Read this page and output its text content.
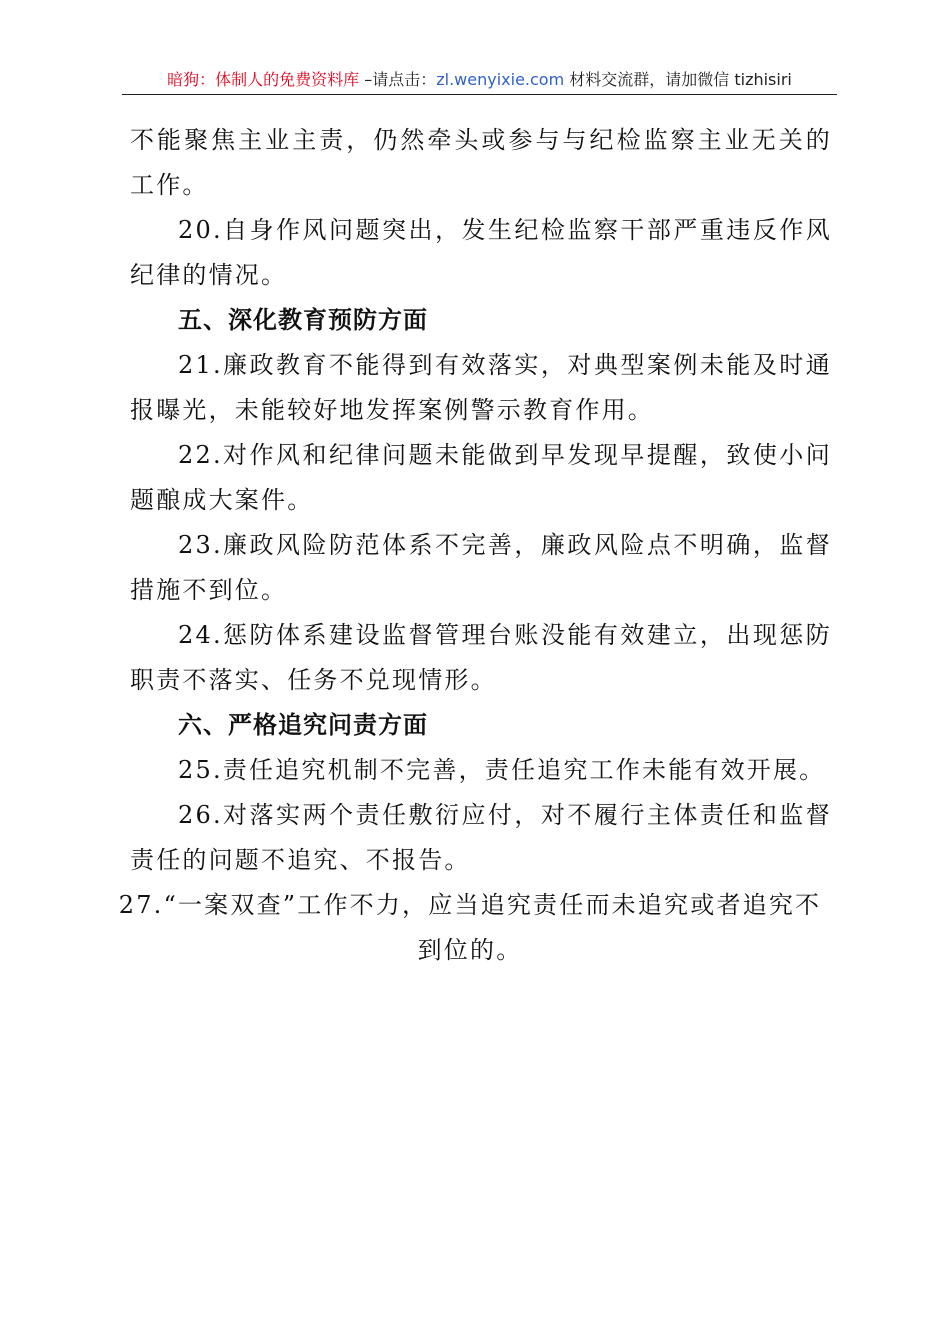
暗狗：体制人的免费资料库 –请点击：zl.wenyixie.com 材料交流群，请加微信 tizhisiri

不能聚焦主业主责，仍然牵头或参与与纪检监察主业无关的工作。

20.自身作风问题突出，发生纪检监察干部严重违反作风纪律的情况。

五、深化教育预防方面

21.廉政教育不能得到有效落实，对典型案例未能及时通报曝光，未能较好地发挥案例警示教育作用。

22.对作风和纪律问题未能做到早发现早提醒，致使小问题酿成大案件。

23.廉政风险防范体系不完善，廉政风险点不明确，监督措施不到位。

24.惩防体系建设监督管理台账没能有效建立，出现惩防职责不落实、任务不兑现情形。

六、严格追究问责方面

25.责任追究机制不完善，责任追究工作未能有效开展。

26.对落实两个责任敷衍应付，对不履行主体责任和监督责任的问题不追究、不报告。

27.“一案双查”工作不力，应当追究责任而未追究或者追究不到位的。
